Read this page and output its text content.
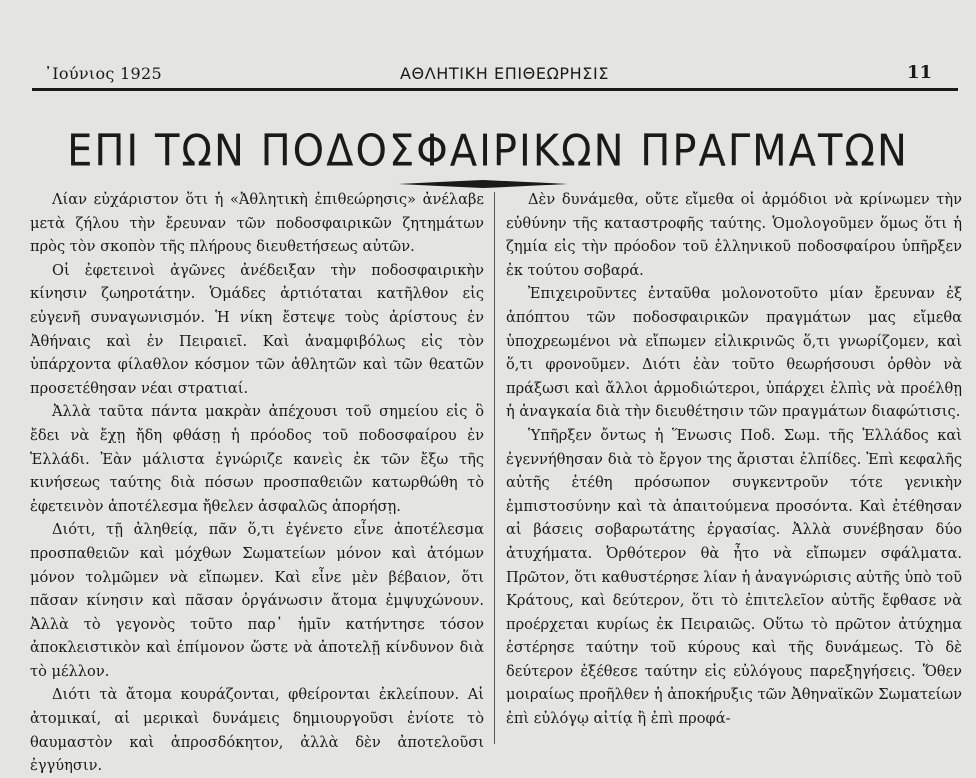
᾽Ιούνιος 1925	ΑΘΛΗΤΙΚΗ ΕΠΙΘΕΩΡΗΣΙΣ	11
ΕΠΙ ΤΩΝ ΠΟΔΟΣΦΑΙΡΙΚΩΝ ΠΡΑΓΜΑΤΩΝ

Λίαν εὐχάριστον ὅτι ἡ «Ἀθλητικὴ ἐπιθεώρησις» ἀνέλαβε μετὰ ζήλου τὴν ἔρευναν τῶν ποδοσφαιρικῶν ζητημάτων πρὸς τὸν σκοπὸν τῆς πλήρους διευθετήσεως αὐτῶν.

Οἱ ἐφετεινοὶ ἀγῶνες ἀνέδειξαν τὴν ποδοσφαιρικὴν κίνησιν ζωηροτάτην. Ὁμάδες ἀρτιόταται κατῆλθον εἰς εὐγενῆ συναγωνισμόν. Ἡ νίκη ἔστεψε τοὺς ἀρίστους ἐν Ἀθήναις καὶ ἐν Πειραιεῖ. Καὶ ἀναμφιβόλως εἰς τὸν ὑπάρχοντα φίλαθλον κόσμον τῶν ἀθλητῶν καὶ τῶν θεατῶν προσετέθησαν νέαι στρατιαί.

Ἀλλὰ ταῦτα πάντα μακρὰν ἀπέχουσι τοῦ σημείου εἰς ὃ ἔδει νὰ ἔχῃ ἤδη φθάσῃ ἡ πρόοδος τοῦ ποδοσφαίρου ἐν Ἑλλάδι. Ἐὰν μάλιστα ἐγνώριζε κανεὶς ἐκ τῶν ἔξω τῆς κινήσεως ταύτης διὰ πόσων προσπαθειῶν κατωρθώθη τὸ ἐφετεινὸν ἀποτέλεσμα ἤθελεν ἀσφαλῶς ἀπορήσῃ.

Διότι, τῇ ἀληθείᾳ, πᾶν ὅ,τι ἐγένετο εἶνε ἀποτέλεσμα προσπαθειῶν καὶ μόχθων Σωματείων μόνον καὶ ἀτόμων μόνον τολμῶμεν νὰ εἴπωμεν. Καὶ εἶνε μὲν βέβαιον, ὅτι πᾶσαν κίνησιν καὶ πᾶσαν ὀργάνωσιν ἄτομα ἐμψυχώνουν. Ἀλλὰ τὸ γεγονὸς τοῦτο παρ᾽ ἡμῖν κατήντησε τόσον ἀποκλειστικὸν καὶ ἐπίμονον ὥστε νὰ ἀποτελῇ κίνδυνον διὰ τὸ μέλλον.

Διότι τὰ ἄτομα κουράζονται, φθείρονται ἐκλείπουν. Αἱ ἀτομικαί, αἱ μερικαὶ δυνάμεις δημιουργοῦσι ἐνίοτε τὸ θαυμαστὸν καὶ ἀπροσδόκητον, ἀλλὰ δὲν ἀποτελοῦσι ἐγγύησιν.

Δὲν δυνάμεθα, οὔτε εἴμεθα οἱ ἁρμόδιοι νὰ κρίνωμεν τὴν εὐθύνην τῆς καταστροφῆς ταύτης. Ὁμολογοῦμεν ὅμως ὅτι ἡ ζημία εἰς τὴν πρόοδον τοῦ ἑλληνικοῦ ποδοσφαίρου ὑπῆρξεν ἐκ τούτου σοβαρά.

Ἐπιχειροῦντες ἐνταῦθα μολονοτοῦτο μίαν ἔρευναν ἐξ ἀπόπτου τῶν ποδοσφαιρικῶν πραγμάτων μας εἴμεθα ὑποχρεωμένοι νὰ εἴπωμεν εἰλικρινῶς ὅ,τι γνωρίζομεν, καὶ ὅ,τι φρονοῦμεν. Διότι ἐὰν τοῦτο θεωρήσουσι ὀρθὸν νὰ πράξωσι καὶ ἄλλοι ἁρμοδιώτεροι, ὑπάρχει ἐλπὶς νὰ προέλθῃ ἡ ἀναγκαία διὰ τὴν διευθέτησιν τῶν πραγμάτων διαφώτισις.

Ὑπῆρξεν ὄντως ἡ Ἕνωσις Ποδ. Σωμ. τῆς Ἑλλάδος καὶ ἐγεννήθησαν διὰ τὸ ἔργον της ἄρισται ἐλπίδες. Ἐπὶ κεφαλῆς αὐτῆς ἐτέθη πρόσωπον συγκεντροῦν τότε γενικὴν ἐμπιστοσύνην καὶ τὰ ἀπαιτούμενα προσόντα. Καὶ ἐτέθησαν αἱ βάσεις σοβαρωτάτης ἐργασίας. Ἀλλὰ συνέβησαν δύο ἀτυχήματα. Ὀρθότερον θὰ ἦτο νὰ εἴπωμεν σφάλματα. Πρῶτον, ὅτι καθυστέρησε λίαν ἡ ἀναγνώρισις αὐτῆς ὑπὸ τοῦ Κράτους, καὶ δεύτερον, ὅτι τὸ ἐπιτελεῖον αὐτῆς ἔφθασε νὰ προέρχεται κυρίως ἐκ Πειραιῶς. Οὕτω τὸ πρῶτον ἀτύχημα ἐστέρησε ταύτην τοῦ κύρους καὶ τῆς δυνάμεως. Τὸ δὲ δεύτερον ἐξέθεσε ταύτην εἰς εὐλόγους παρεξηγήσεις. Ὅθεν μοιραίως προῆλθεν ἡ ἀποκήρυξις τῶν Ἀθηναϊκῶν Σωματείων ἐπὶ εὐλόγῳ αἰτίᾳ ἢ ἐπὶ προφά-
